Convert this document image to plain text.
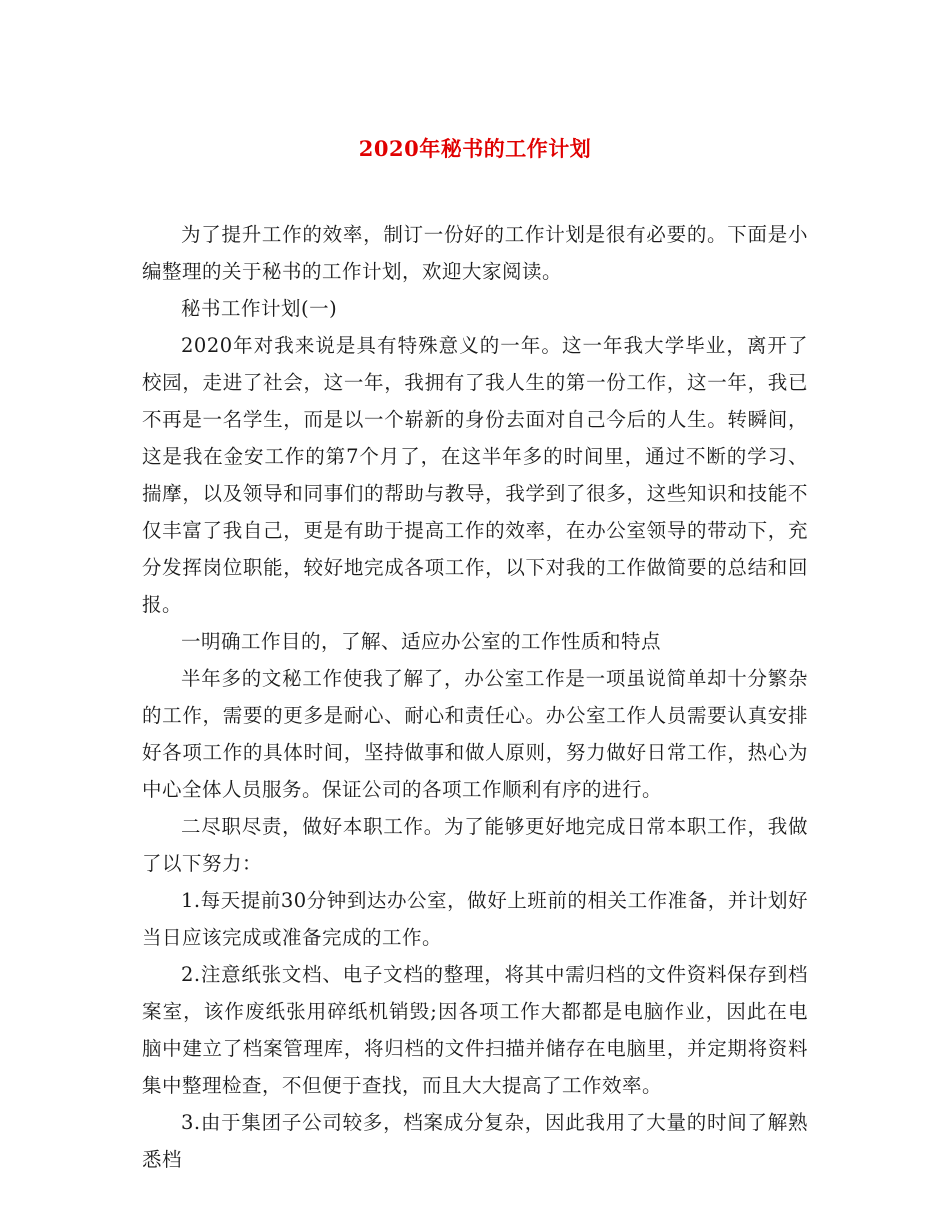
2020年秘书的工作计划

为了提升工作的效率，制订一份好的工作计划是很有必要的。下面是小编整理的关于秘书的工作计划，欢迎大家阅读。

秘书工作计划(一)

2020年对我来说是具有特殊意义的一年。这一年我大学毕业，离开了校园，走进了社会，这一年，我拥有了我人生的第一份工作，这一年，我已不再是一名学生，而是以一个崭新的身份去面对自己今后的人生。转瞬间，这是我在金安工作的第7个月了，在这半年多的时间里，通过不断的学习、揣摩，以及领导和同事们的帮助与教导，我学到了很多，这些知识和技能不仅丰富了我自己，更是有助于提高工作的效率，在办公室领导的带动下，充分发挥岗位职能，较好地完成各项工作，以下对我的工作做简要的总结和回报。

一明确工作目的，了解、适应办公室的工作性质和特点

半年多的文秘工作使我了解了，办公室工作是一项虽说简单却十分繁杂的工作，需要的更多是耐心、耐心和责任心。办公室工作人员需要认真安排好各项工作的具体时间，坚持做事和做人原则，努力做好日常工作，热心为中心全体人员服务。保证公司的各项工作顺利有序的进行。

二尽职尽责，做好本职工作。为了能够更好地完成日常本职工作，我做了以下努力：

1.每天提前30分钟到达办公室，做好上班前的相关工作准备，并计划好当日应该完成或准备完成的工作。

2.注意纸张文档、电子文档的整理，将其中需归档的文件资料保存到档案室，该作废纸张用碎纸机销毁;因各项工作大都都是电脑作业，因此在电脑中建立了档案管理库，将归档的文件扫描并储存在电脑里，并定期将资料集中整理检查，不但便于查找，而且大大提高了工作效率。

3.由于集团子公司较多，档案成分复杂，因此我用了大量的时间了解熟悉档
